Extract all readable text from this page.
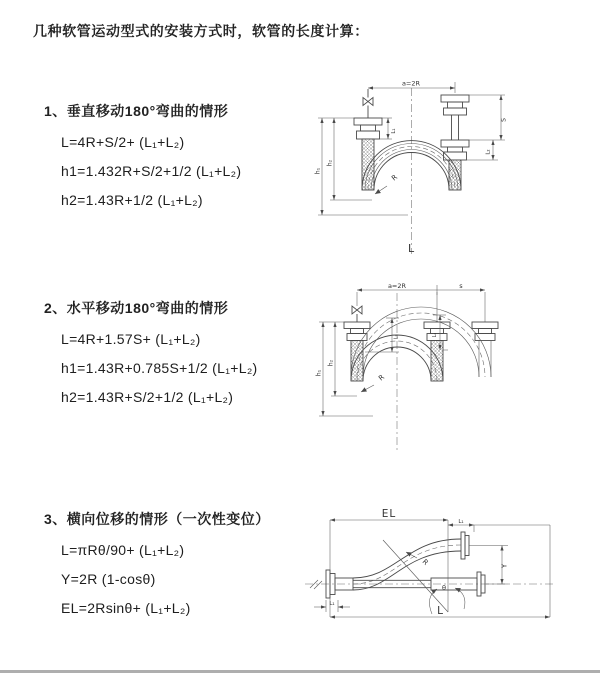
几种软管运动型式的安装方式时，软管的长度计算：
1、垂直移动180°弯曲的情形
L=4R+S/2+ (L₁+L₂)
h1=1.432R+S/2+1/2 (L₁+L₂)
h2=1.43R+1/2 (L₁+L₂)
2、水平移动180°弯曲的情形
L=4R+1.57S+ (L₁+L₂)
h1=1.43R+0.785S+1/2 (L₁+L₂)
h2=1.43R+S/2+1/2 (L₁+L₂)
3、横向位移的情形（一次性变位）
L=πRθ/90+ (L₁+L₂)
Y=2R (1-cosθ)
EL=2Rsinθ+ (L₁+L₂)
a=2R
R
h₁
h₂
L₁
S
L₂
L
a=2R	s
h₁
h₂
L₁	L₂
R
EL
L₁
Y
θ
R
L
L₁
